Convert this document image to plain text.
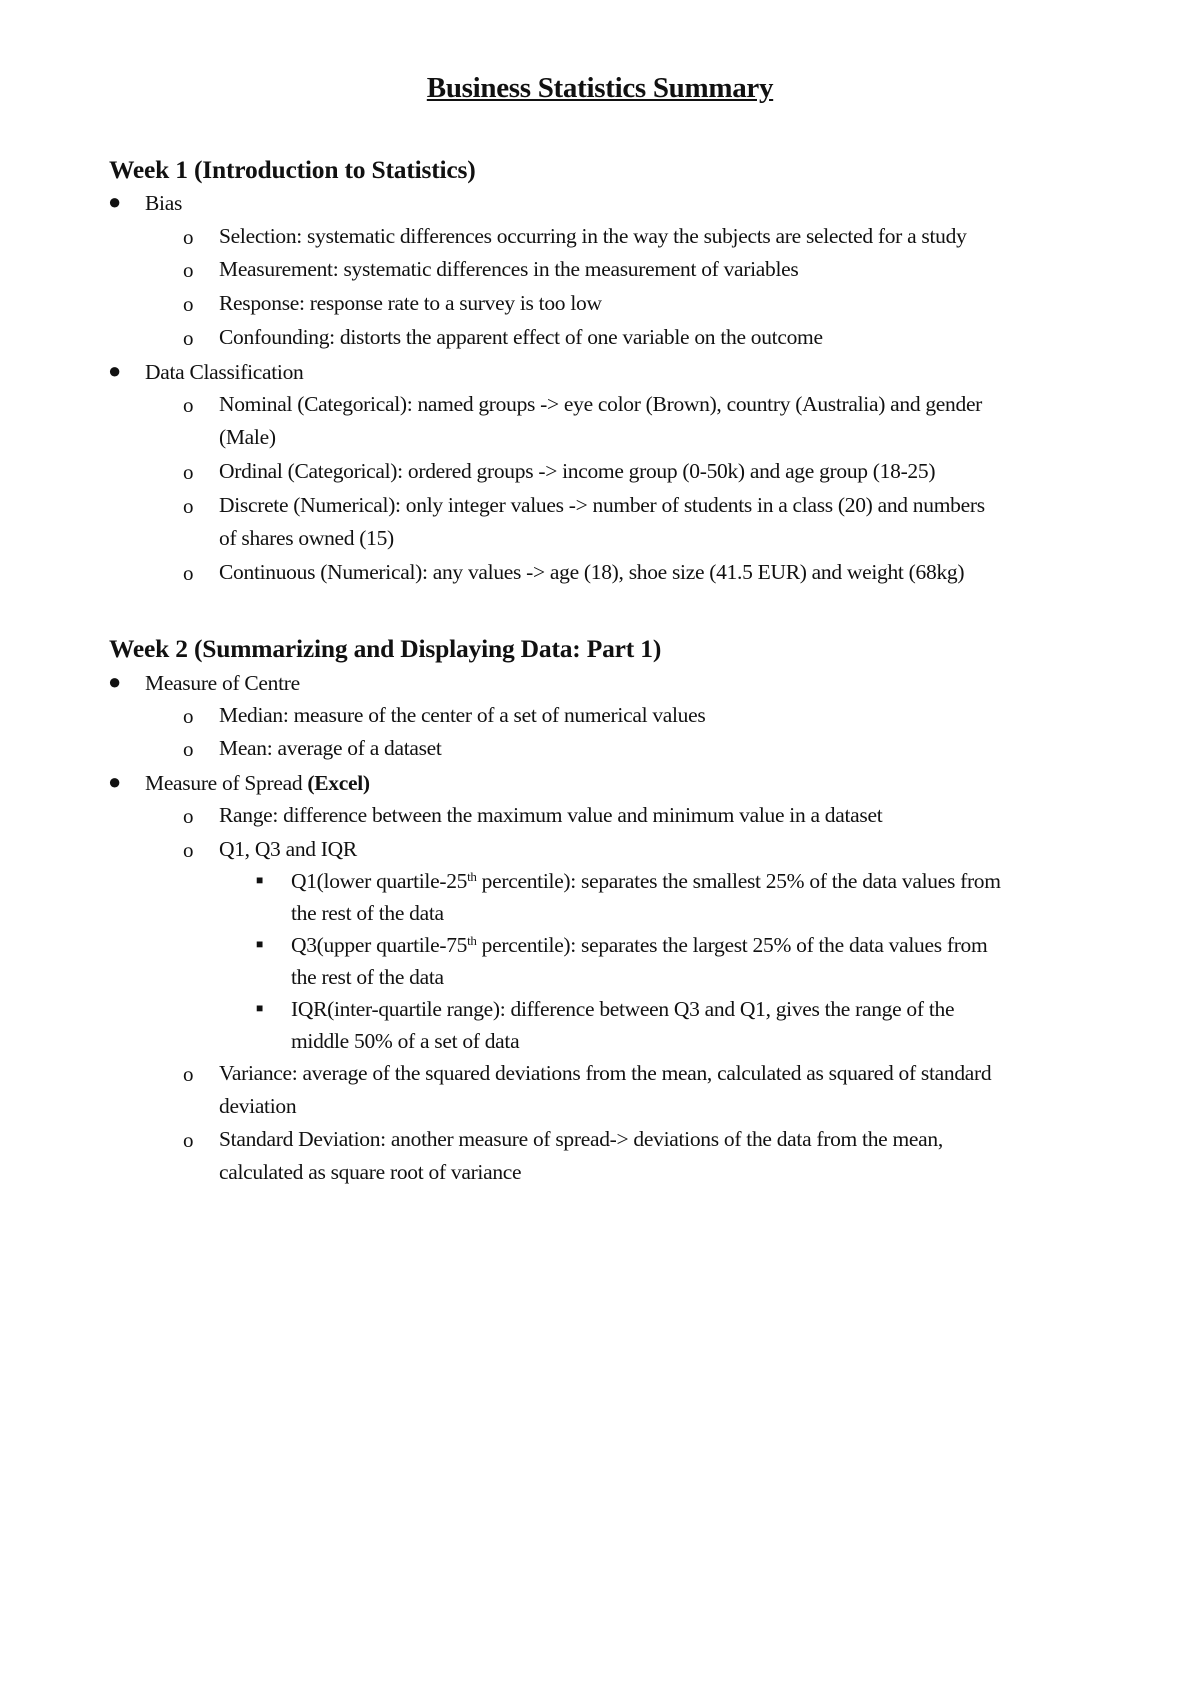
Business Statistics Summary
Week 1 (Introduction to Statistics)
● Bias
o Selection: systematic differences occurring in the way the subjects are selected for a study
o Measurement: systematic differences in the measurement of variables
o Response: response rate to a survey is too low
o Confounding: distorts the apparent effect of one variable on the outcome
● Data Classification
o Nominal (Categorical): named groups -> eye color (Brown), country (Australia) and gender
(Male)
o Ordinal (Categorical): ordered groups -> income group (0-50k) and age group (18-25)
o Discrete (Numerical): only integer values -> number of students in a class (20) and numbers
of shares owned (15)
o Continuous (Numerical): any values -> age (18), shoe size (41.5 EUR) and weight (68kg)
Week 2 (Summarizing and Displaying Data: Part 1)
● Measure of Centre
o Median: measure of the center of a set of numerical values
o Mean: average of a dataset
● Measure of Spread (Excel)
o Range: difference between the maximum value and minimum value in a dataset
o Q1, Q3 and IQR
■ Q1(lower quartile-25th percentile): separates the smallest 25% of the data values from
the rest of the data
■ Q3(upper quartile-75th percentile): separates the largest 25% of the data values from
the rest of the data
■ IQR(inter-quartile range): difference between Q3 and Q1, gives the range of the
middle 50% of a set of data
o Variance: average of the squared deviations from the mean, calculated as squared of standard
deviation
o Standard Deviation: another measure of spread-> deviations of the data from the mean,
calculated as square root of variance
